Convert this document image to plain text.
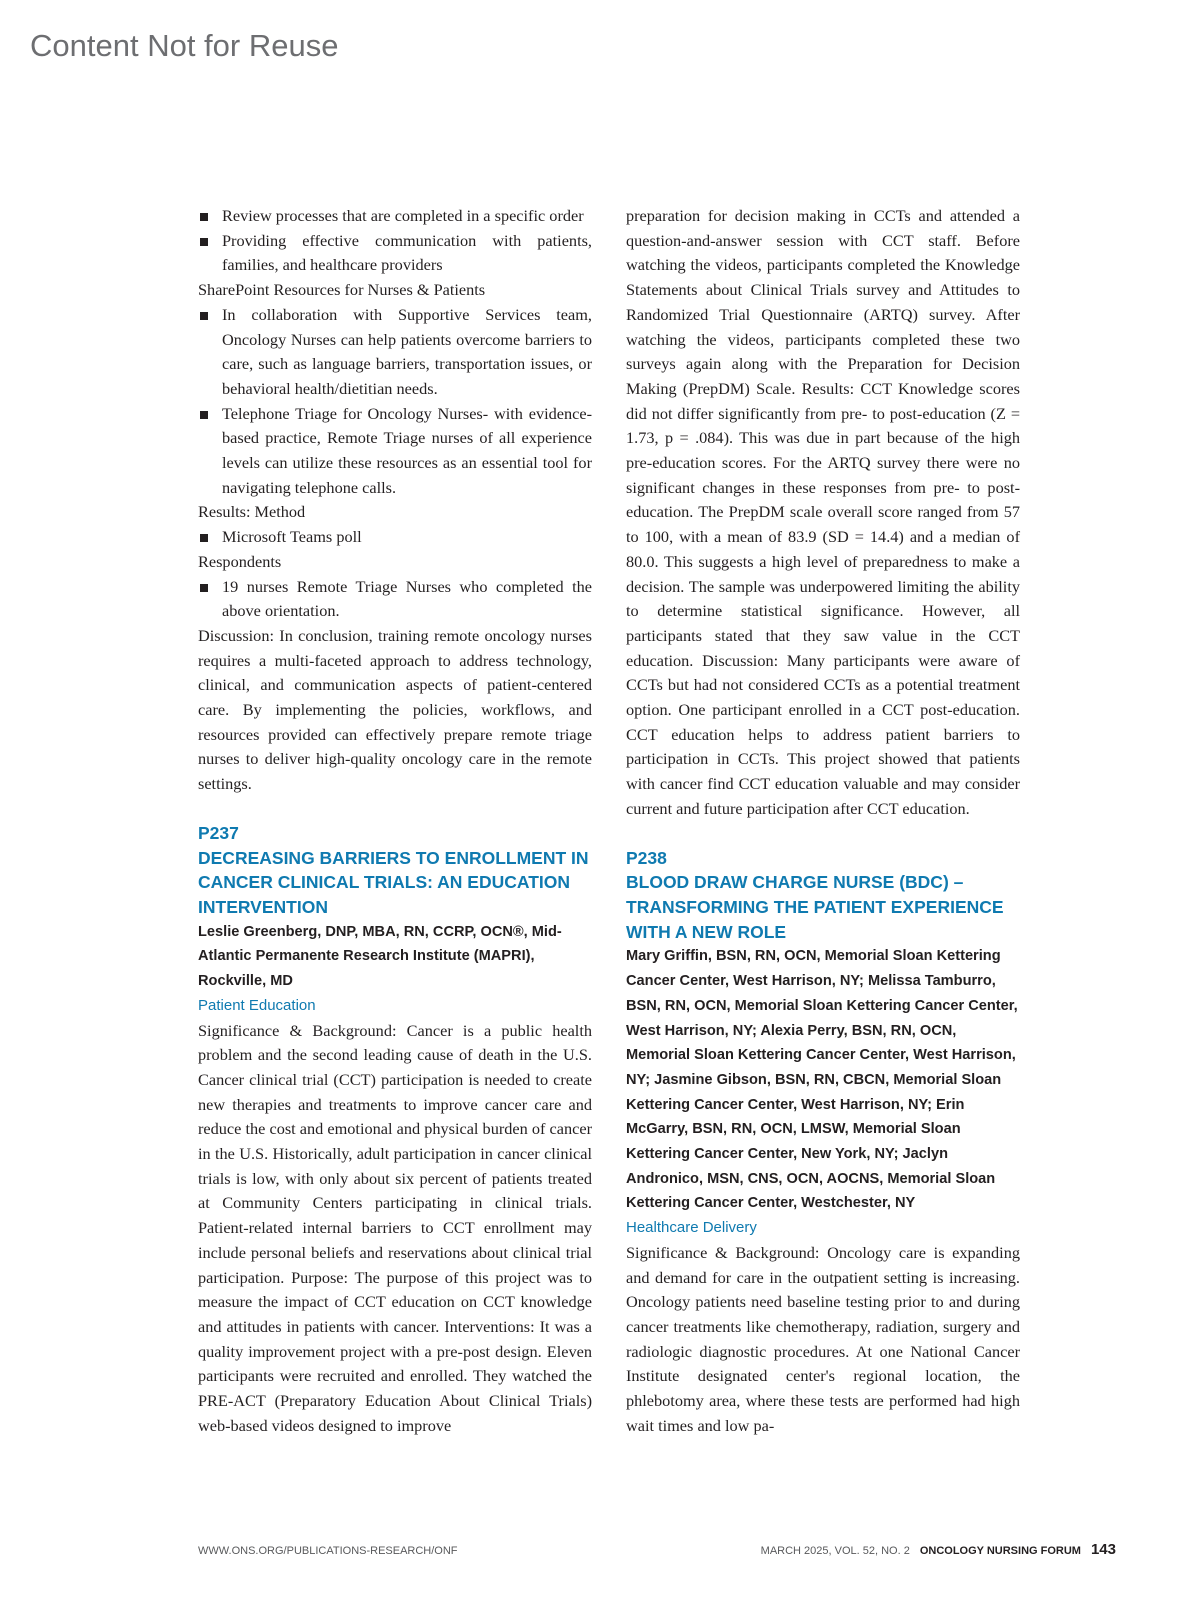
Content Not for Reuse
Review processes that are completed in a specific order
Providing effective communication with patients, families, and healthcare providers
SharePoint Resources for Nurses & Patients
In collaboration with Supportive Services team, Oncology Nurses can help patients overcome barriers to care, such as language barriers, transportation issues, or behavioral health/dietitian needs.
Telephone Triage for Oncology Nurses- with evidence-based practice, Remote Triage nurses of all experience levels can utilize these resources as an essential tool for navigating telephone calls.
Results: Method
Microsoft Teams poll
Respondents
19 nurses Remote Triage Nurses who completed the above orientation.
Discussion: In conclusion, training remote oncology nurses requires a multi-faceted approach to address technology, clinical, and communication aspects of patient-centered care. By implementing the policies, workflows, and resources provided can effectively prepare remote triage nurses to deliver high-quality oncology care in the remote settings.
P237
DECREASING BARRIERS TO ENROLLMENT IN CANCER CLINICAL TRIALS: AN EDUCATION INTERVENTION
Leslie Greenberg, DNP, MBA, RN, CCRP, OCN®, Mid-Atlantic Permanente Research Institute (MAPRI), Rockville, MD
Patient Education
Significance & Background: Cancer is a public health problem and the second leading cause of death in the U.S. Cancer clinical trial (CCT) participation is needed to create new therapies and treatments to improve cancer care and reduce the cost and emotional and physical burden of cancer in the U.S. Historically, adult participation in cancer clinical trials is low, with only about six percent of patients treated at Community Centers participating in clinical trials. Patient-related internal barriers to CCT enrollment may include personal beliefs and reservations about clinical trial participation. Purpose: The purpose of this project was to measure the impact of CCT education on CCT knowledge and attitudes in patients with cancer. Interventions: It was a quality improvement project with a pre-post design. Eleven participants were recruited and enrolled. They watched the PRE-ACT (Preparatory Education About Clinical Trials) web-based videos designed to improve
preparation for decision making in CCTs and attended a question-and-answer session with CCT staff. Before watching the videos, participants completed the Knowledge Statements about Clinical Trials survey and Attitudes to Randomized Trial Questionnaire (ARTQ) survey. After watching the videos, participants completed these two surveys again along with the Preparation for Decision Making (PrepDM) Scale. Results: CCT Knowledge scores did not differ significantly from pre- to post-education (Z = 1.73, p = .084). This was due in part because of the high pre-education scores. For the ARTQ survey there were no significant changes in these responses from pre- to post-education. The PrepDM scale overall score ranged from 57 to 100, with a mean of 83.9 (SD = 14.4) and a median of 80.0. This suggests a high level of preparedness to make a decision. The sample was underpowered limiting the ability to determine statistical significance. However, all participants stated that they saw value in the CCT education. Discussion: Many participants were aware of CCTs but had not considered CCTs as a potential treatment option. One participant enrolled in a CCT post-education. CCT education helps to address patient barriers to participation in CCTs. This project showed that patients with cancer find CCT education valuable and may consider current and future participation after CCT education.
P238
BLOOD DRAW CHARGE NURSE (BDC) – TRANSFORMING THE PATIENT EXPERIENCE WITH A NEW ROLE
Mary Griffin, BSN, RN, OCN, Memorial Sloan Kettering Cancer Center, West Harrison, NY; Melissa Tamburro, BSN, RN, OCN, Memorial Sloan Kettering Cancer Center, West Harrison, NY; Alexia Perry, BSN, RN, OCN, Memorial Sloan Kettering Cancer Center, West Harrison, NY; Jasmine Gibson, BSN, RN, CBCN, Memorial Sloan Kettering Cancer Center, West Harrison, NY; Erin McGarry, BSN, RN, OCN, LMSW, Memorial Sloan Kettering Cancer Center, New York, NY; Jaclyn Andronico, MSN, CNS, OCN, AOCNS, Memorial Sloan Kettering Cancer Center, Westchester, NY
Healthcare Delivery
Significance & Background: Oncology care is expanding and demand for care in the outpatient setting is increasing. Oncology patients need baseline testing prior to and during cancer treatments like chemotherapy, radiation, surgery and radiologic diagnostic procedures. At one National Cancer Institute designated center's regional location, the phlebotomy area, where these tests are performed had high wait times and low pa-
WWW.ONS.ORG/PUBLICATIONS-RESEARCH/ONF	MARCH 2025, VOL. 52, NO. 2 ONCOLOGY NURSING FORUM 143
